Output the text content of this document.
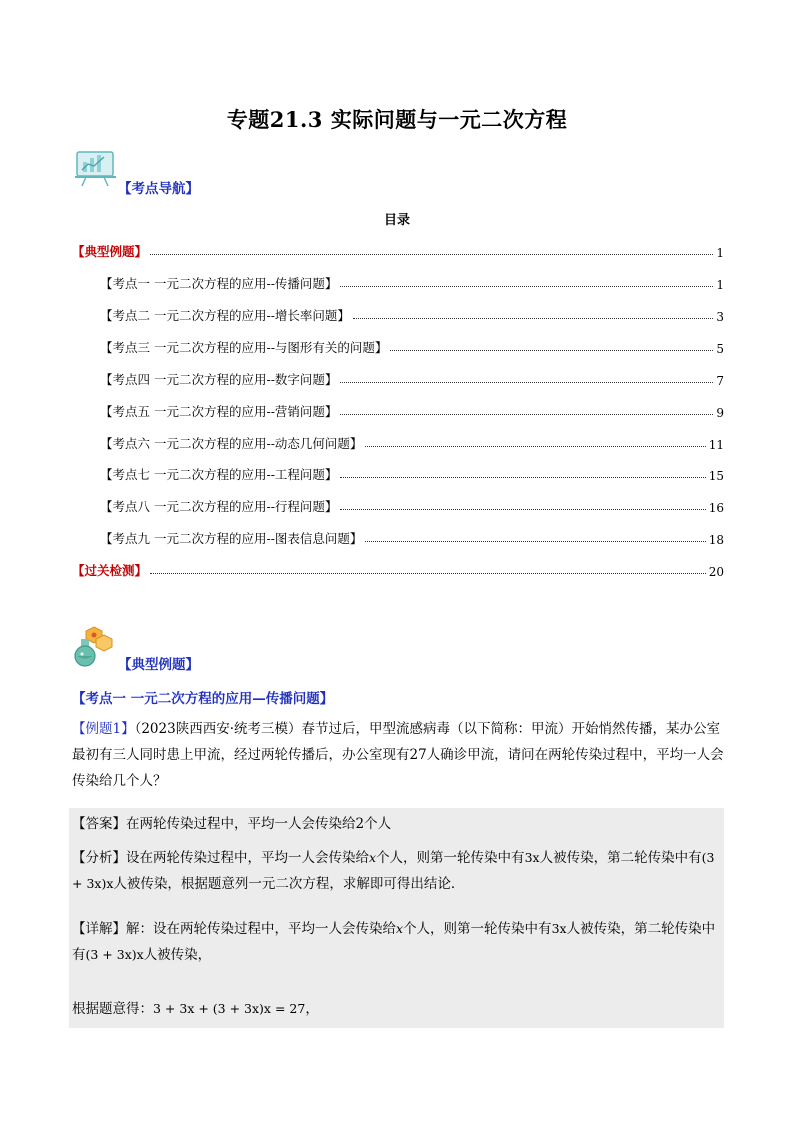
专题21.3 实际问题与一元二次方程
【考点导航】
目录
【典型例题】	1
【考点一 一元二次方程的应用--传播问题】	1
【考点二 一元二次方程的应用--增长率问题】	3
【考点三 一元二次方程的应用--与图形有关的问题】	5
【考点四 一元二次方程的应用--数字问题】	7
【考点五 一元二次方程的应用--营销问题】	9
【考点六 一元二次方程的应用--动态几何问题】	11
【考点七 一元二次方程的应用--工程问题】	15
【考点八 一元二次方程的应用--行程问题】	16
【考点九 一元二次方程的应用--图表信息问题】	18
【过关检测】	20
【典型例题】
【考点一 一元二次方程的应用—传播问题】
【例题1】（2023陕西西安·统考三模）春节过后，甲型流感病毒（以下简称：甲流）开始悄然传播，某办公室最初有三人同时患上甲流，经过两轮传播后，办公室现有27人确诊甲流，请问在两轮传染过程中，平均一人会传染给几个人？
【答案】在两轮传染过程中，平均一人会传染给2个人
【分析】设在两轮传染过程中，平均一人会传染给x个人，则第一轮传染中有3x人被传染，第二轮传染中有(3 + 3x)x人被传染，根据题意列一元二次方程，求解即可得出结论．
【详解】解：设在两轮传染过程中，平均一人会传染给x个人，则第一轮传染中有3x人被传染，第二轮传染中有(3 + 3x)x人被传染，
根据题意得：3 + 3x + (3 + 3x)x = 27，
